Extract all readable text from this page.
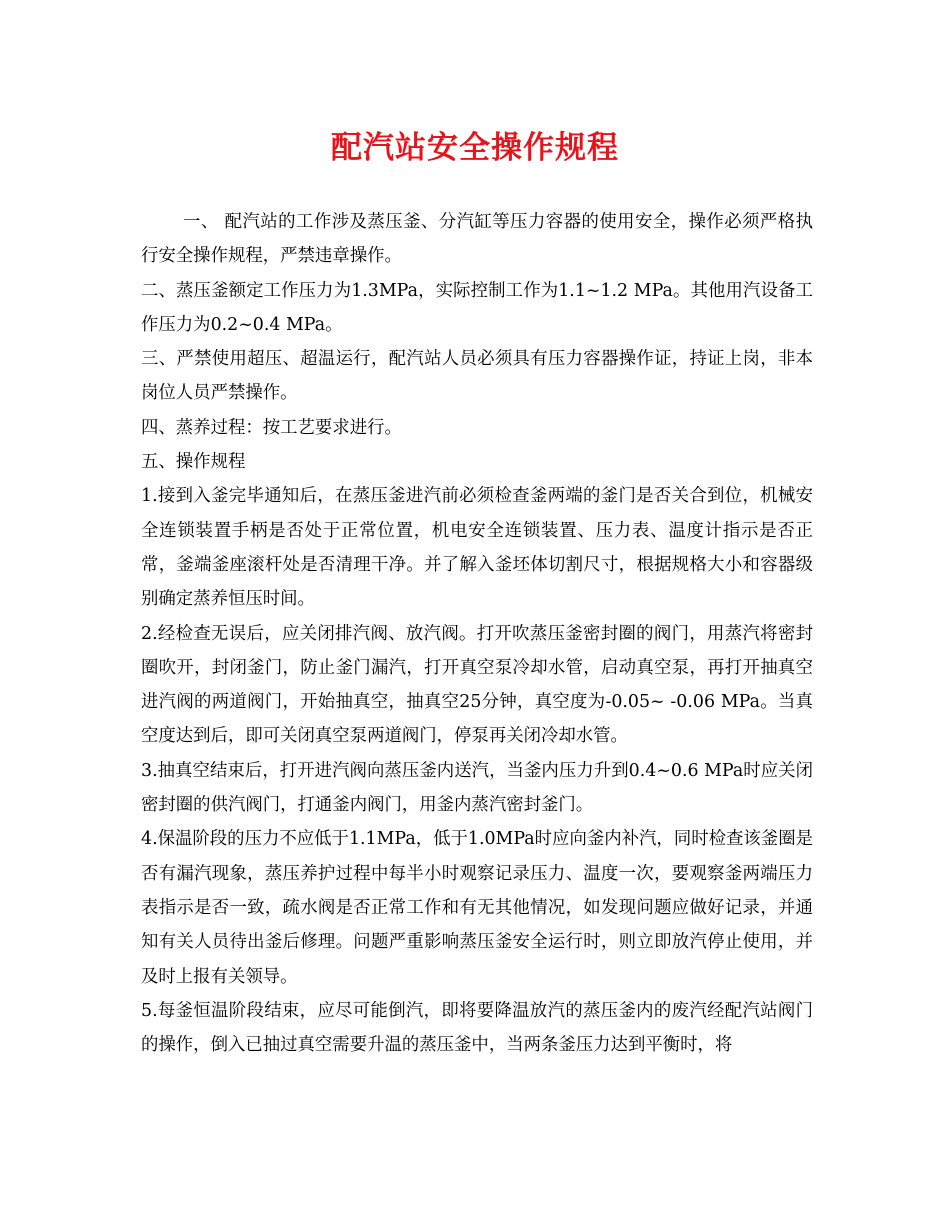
配汽站安全操作规程

一、 配汽站的工作涉及蒸压釜、分汽缸等压力容器的使用安全，操作必须严格执行安全操作规程，严禁违章操作。

二、蒸压釜额定工作压力为1.3MPa，实际控制工作为1.1~1.2 MPa。其他用汽设备工作压力为0.2~0.4 MPa。

三、严禁使用超压、超温运行，配汽站人员必须具有压力容器操作证，持证上岗，非本岗位人员严禁操作。

四、蒸养过程：按工艺要求进行。

五、操作规程

1.接到入釜完毕通知后，在蒸压釜进汽前必须检查釜两端的釜门是否关合到位，机械安全连锁装置手柄是否处于正常位置，机电安全连锁装置、压力表、温度计指示是否正常，釜端釜座滚杆处是否清理干净。并了解入釜坯体切割尺寸，根据规格大小和容器级别确定蒸养恒压时间。

2.经检查无误后，应关闭排汽阀、放汽阀。打开吹蒸压釜密封圈的阀门，用蒸汽将密封圈吹开，封闭釜门，防止釜门漏汽，打开真空泵冷却水管，启动真空泵，再打开抽真空进汽阀的两道阀门，开始抽真空，抽真空25分钟，真空度为-0.05~ -0.06 MPa。当真空度达到后，即可关闭真空泵两道阀门，停泵再关闭冷却水管。

3.抽真空结束后，打开进汽阀向蒸压釜内送汽，当釜内压力升到0.4~0.6 MPa时应关闭密封圈的供汽阀门，打通釜内阀门，用釜内蒸汽密封釜门。

4.保温阶段的压力不应低于1.1MPa，低于1.0MPa时应向釜内补汽，同时检查该釜圈是否有漏汽现象，蒸压养护过程中每半小时观察记录压力、温度一次，要观察釜两端压力表指示是否一致，疏水阀是否正常工作和有无其他情况，如发现问题应做好记录，并通知有关人员待出釜后修理。问题严重影响蒸压釜安全运行时，则立即放汽停止使用，并及时上报有关领导。

5.每釜恒温阶段结束，应尽可能倒汽，即将要降温放汽的蒸压釜内的废汽经配汽站阀门的操作，倒入已抽过真空需要升温的蒸压釜中，当两条釜压力达到平衡时，将
